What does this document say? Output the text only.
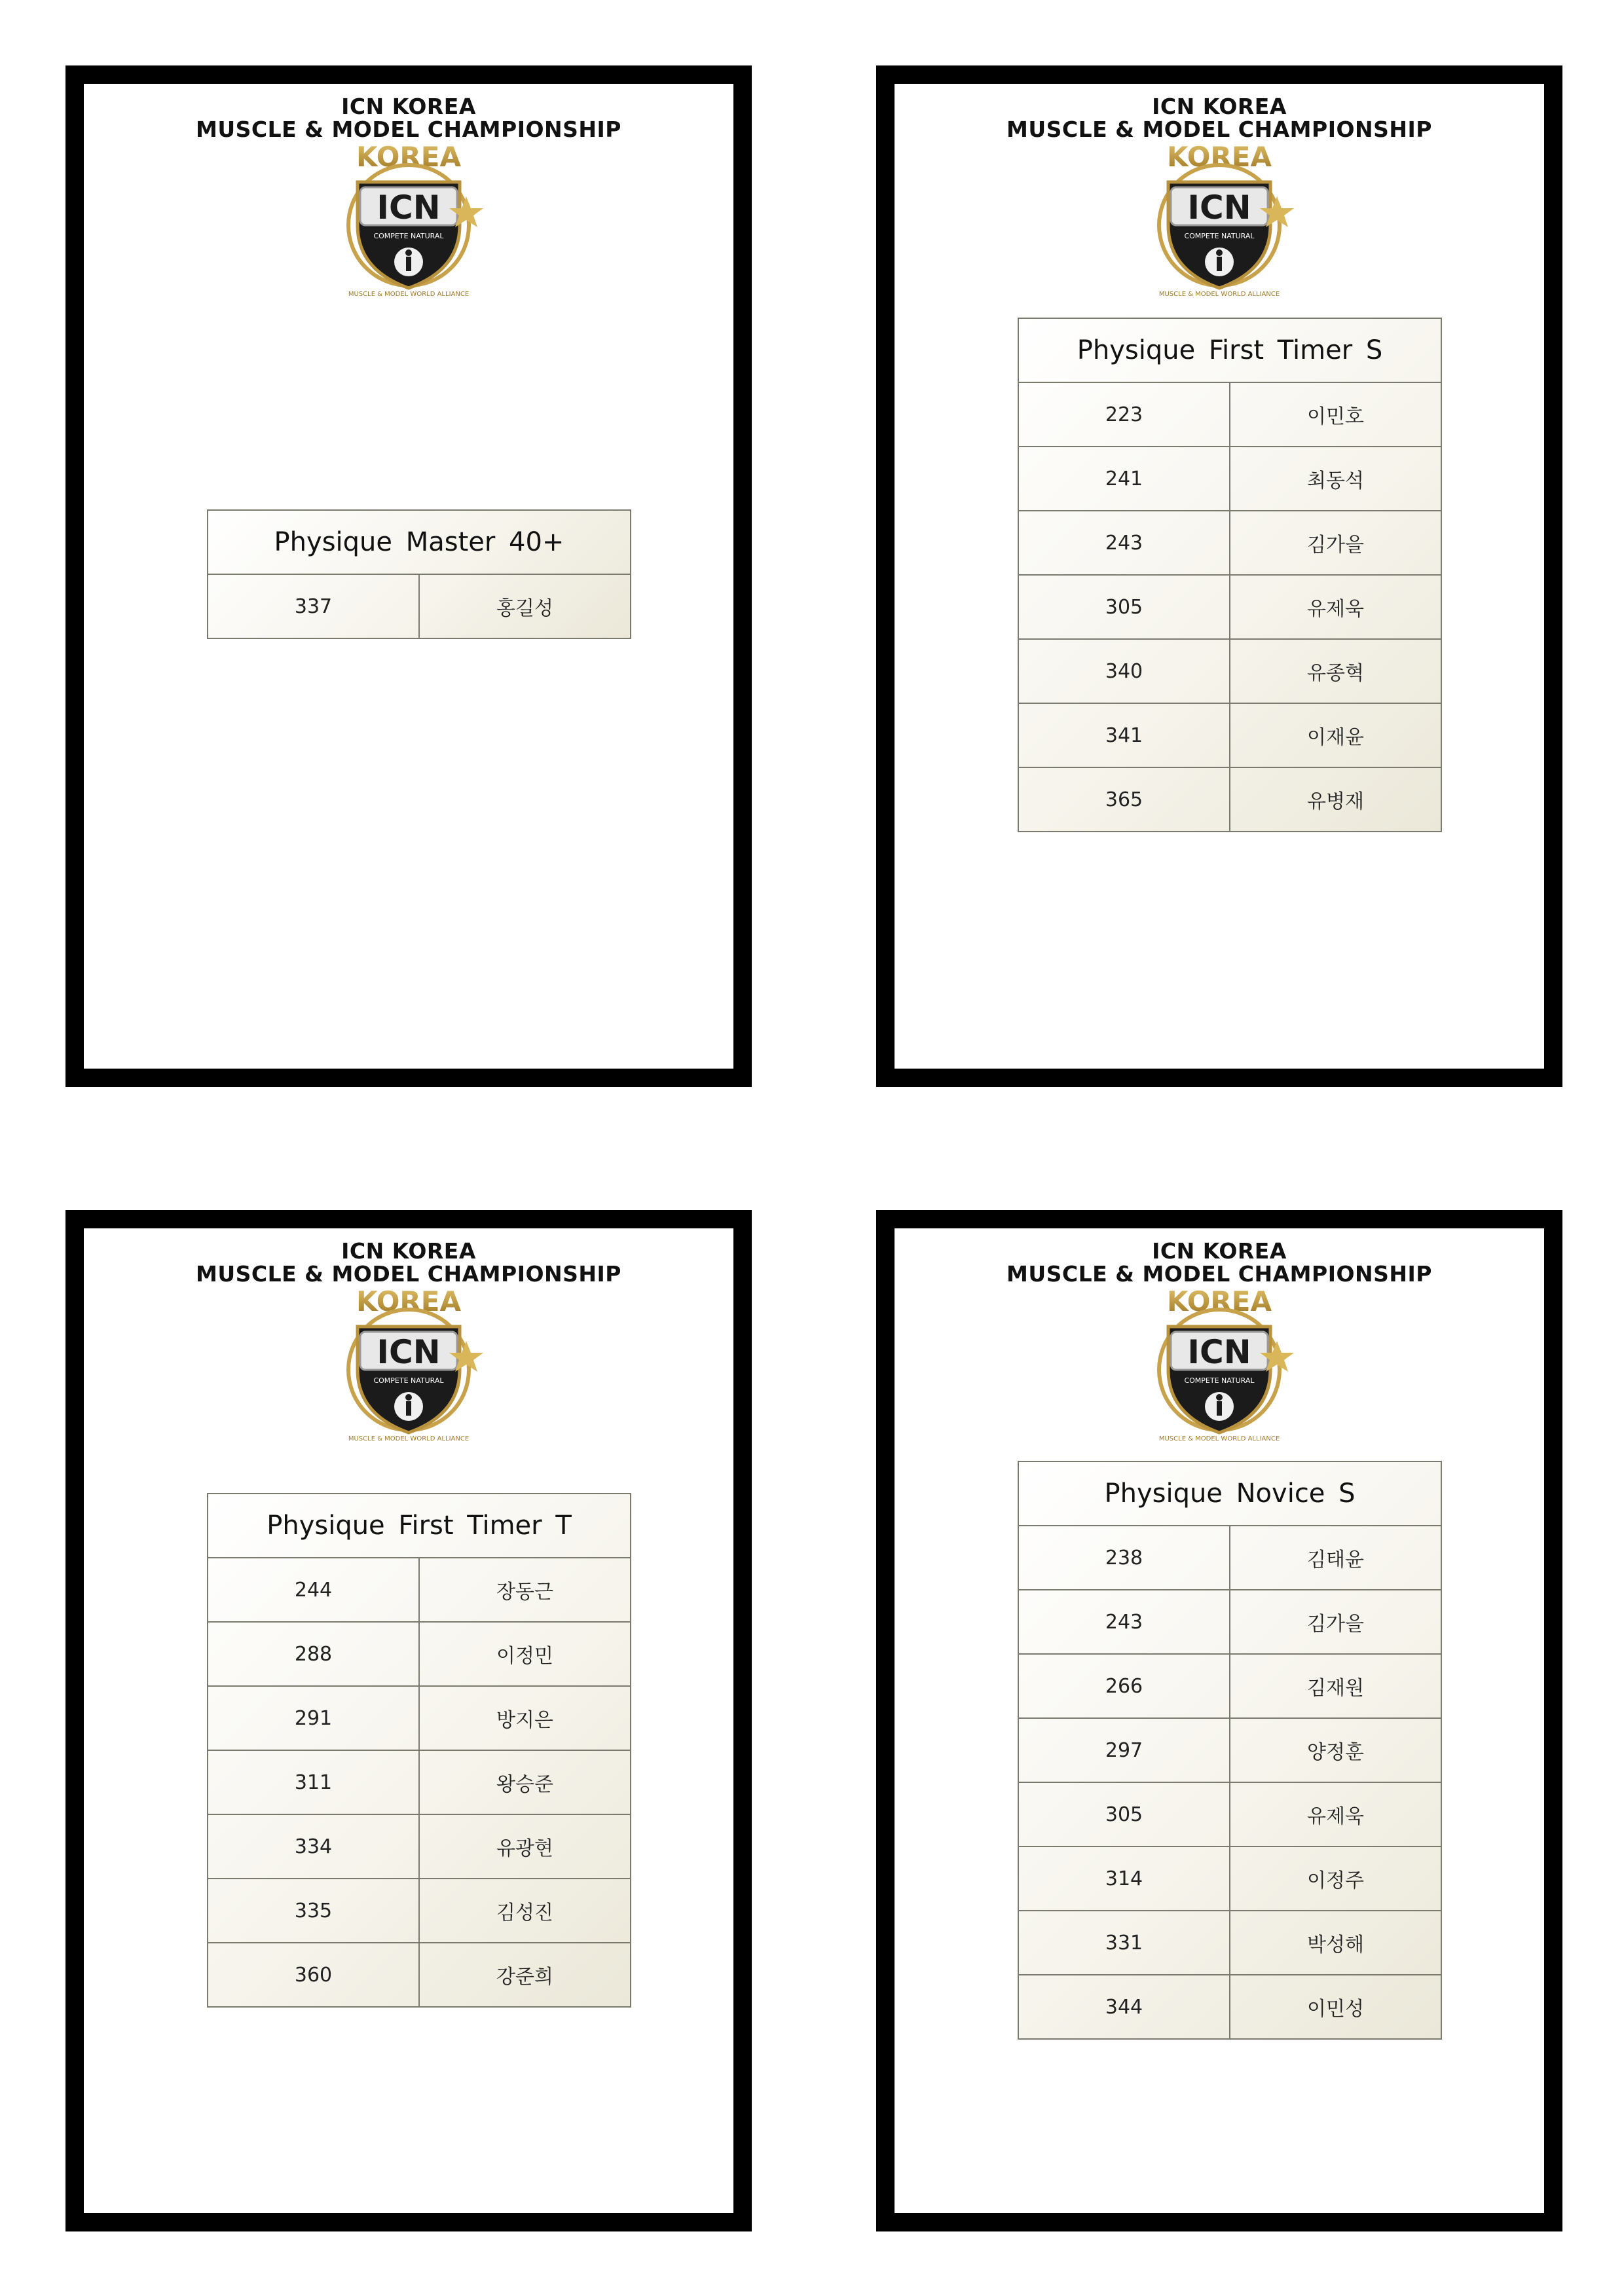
ICN KOREA
MUSCLE & MODEL CHAMPIONSHIP
KOREA
ICN
COMPETE NATURAL
MUSCLE & MODEL WORLD ALLIANCE
Physique Master 40+
337	홍길성
ICN KOREA
MUSCLE & MODEL CHAMPIONSHIP
KOREA
ICN
COMPETE NATURAL
MUSCLE & MODEL WORLD ALLIANCE
Physique First Timer S
223	이민호
241	최동석
243	김가을
305	유제욱
340	유종혁
341	이재윤
365	유병재
ICN KOREA
MUSCLE & MODEL CHAMPIONSHIP
KOREA
ICN
COMPETE NATURAL
MUSCLE & MODEL WORLD ALLIANCE
Physique First Timer T
244	장동근
288	이정민
291	방지은
311	왕승준
334	유광현
335	김성진
360	강준희
ICN KOREA
MUSCLE & MODEL CHAMPIONSHIP
KOREA
ICN
COMPETE NATURAL
MUSCLE & MODEL WORLD ALLIANCE
Physique Novice S
238	김태윤
243	김가을
266	김재원
297	양정훈
305	유제욱
314	이정주
331	박성해
344	이민성
